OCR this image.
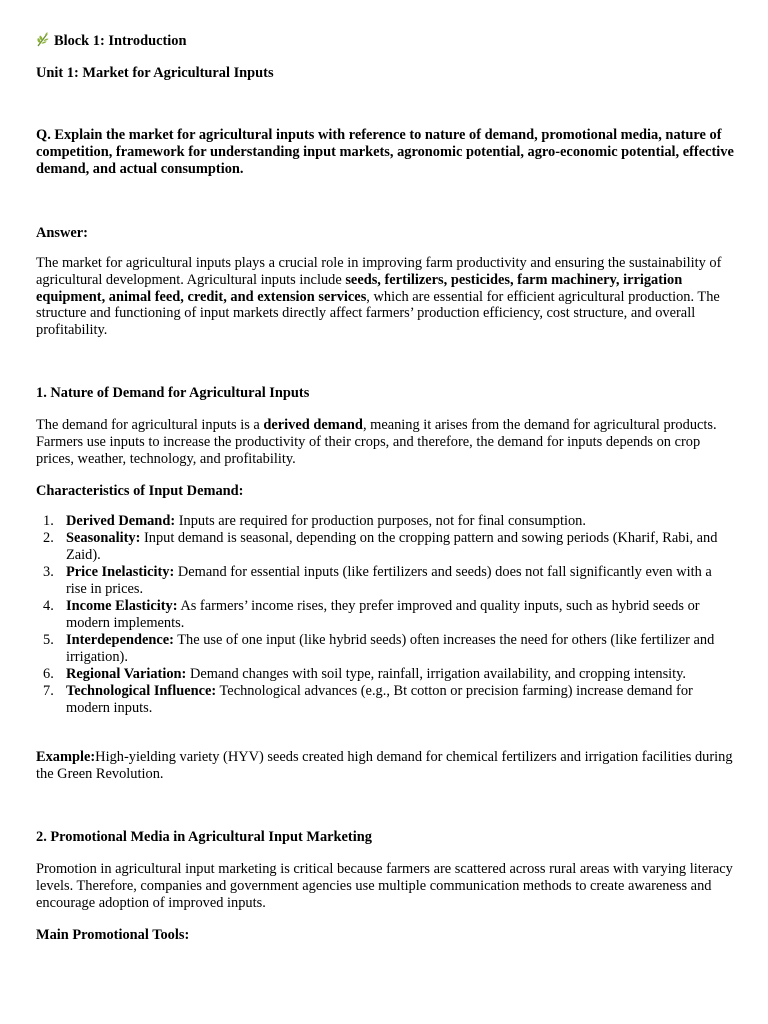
Block 1: Introduction

Unit 1: Market for Agricultural Inputs

Q. Explain the market for agricultural inputs with reference to nature of demand, promotional media, nature of competition, framework for understanding input markets, agronomic potential, agro-economic potential, effective demand, and actual consumption.

Answer:

The market for agricultural inputs plays a crucial role in improving farm productivity and ensuring the sustainability of agricultural development. Agricultural inputs include seeds, fertilizers, pesticides, farm machinery, irrigation equipment, animal feed, credit, and extension services, which are essential for efficient agricultural production. The structure and functioning of input markets directly affect farmers’ production efficiency, cost structure, and overall profitability.

1. Nature of Demand for Agricultural Inputs

The demand for agricultural inputs is a derived demand, meaning it arises from the demand for agricultural products. Farmers use inputs to increase the productivity of their crops, and therefore, the demand for inputs depends on crop prices, weather, technology, and profitability.

Characteristics of Input Demand:

1. Derived Demand: Inputs are required for production purposes, not for final consumption.
2. Seasonality: Input demand is seasonal, depending on the cropping pattern and sowing periods (Kharif, Rabi, and Zaid).
3. Price Inelasticity: Demand for essential inputs (like fertilizers and seeds) does not fall significantly even with a rise in prices.
4. Income Elasticity: As farmers’ income rises, they prefer improved and quality inputs, such as hybrid seeds or modern implements.
5. Interdependence: The use of one input (like hybrid seeds) often increases the need for others (like fertilizer and irrigation).
6. Regional Variation: Demand changes with soil type, rainfall, irrigation availability, and cropping intensity.
7. Technological Influence: Technological advances (e.g., Bt cotton or precision farming) increase demand for modern inputs.

Example:High-yielding variety (HYV) seeds created high demand for chemical fertilizers and irrigation facilities during the Green Revolution.

2. Promotional Media in Agricultural Input Marketing

Promotion in agricultural input marketing is critical because farmers are scattered across rural areas with varying literacy levels. Therefore, companies and government agencies use multiple communication methods to create awareness and encourage adoption of improved inputs.

Main Promotional Tools:
